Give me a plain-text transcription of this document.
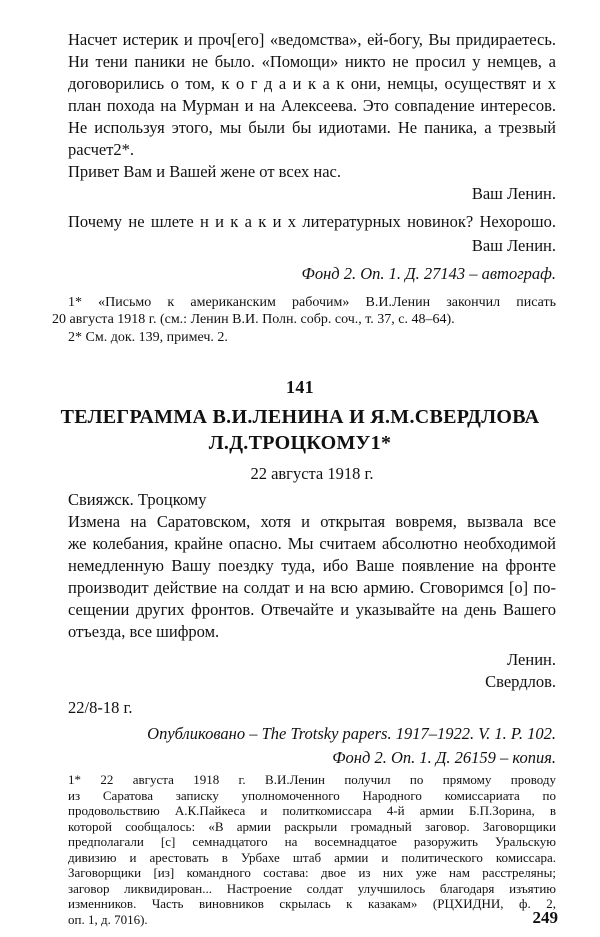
Насчет истерик и проч[его] «ведомства», ей-богу, Вы придираетесь.
Ни тени паники не было. «Помощи» никто не просил у немцев, а
договорились о том, к о г д а и к а к они, немцы, осуществят и х
план похода на Мурман и на Алексеева. Это совпадение интересов.
Не используя этого, мы были бы идиотами. Не паника, а трезвый
расчет2*.
Привет Вам и Вашей жене от всех нас.
Ваш Ленин.
Почему не шлете н и к а к и х литературных новинок? Нехорошо.
Ваш Ленин.
Фонд 2. Оп. 1. Д. 27143 – автограф.
1* «Письмо к американским рабочим» В.И.Ленин закончил писать
20 августа 1918 г. (см.: Ленин В.И. Полн. собр. соч., т. 37, с. 48–64).
2* См. док. 139, примеч. 2.
141
ТЕЛЕГРАММА В.И.ЛЕНИНА И Я.М.СВЕРДЛОВА
Л.Д.ТРОЦКОМУ1*
22 августа 1918 г.
Свияжск. Троцкому
Измена на Саратовском, хотя и открытая вовремя, вызвала все
же колебания, крайне опасно. Мы считаем абсолютно необходимой
немедленную Вашу поездку туда, ибо Ваше появление на фронте
производит действие на солдат и на всю армию. Сговоримся [о] по-
сещении других фронтов. Отвечайте и указывайте на день Вашего
отъезда, все шифром.
Ленин.
Свердлов.
22/8-18 г.
Опубликовано – The Trotsky papers. 1917–1922. V. 1. P. 102.
Фонд 2. Оп. 1. Д. 26159 – копия.
1* 22 августа 1918 г. В.И.Ленин получил по прямому проводу
из Саратова записку уполномоченного Народного комиссариата по
продовольствию А.К.Пайкеса и политкомиссара 4-й армии Б.П.Зорина, в
которой сообщалось: «В армии раскрыли громадный заговор. Заговорщики
предполагали [с] семнадцатого на восемнадцатое разоружить Уральскую
дивизию и арестовать в Урбахе штаб армии и политического комиссара.
Заговорщики [из] командного состава: двое из них уже нам расстреляны;
заговор ликвидирован... Настроение солдат улучшилось благодаря изъятию
изменников. Часть виновников скрылась к казакам» (РЦХИДНИ, ф. 2,
249
оп. 1, д. 7016).
